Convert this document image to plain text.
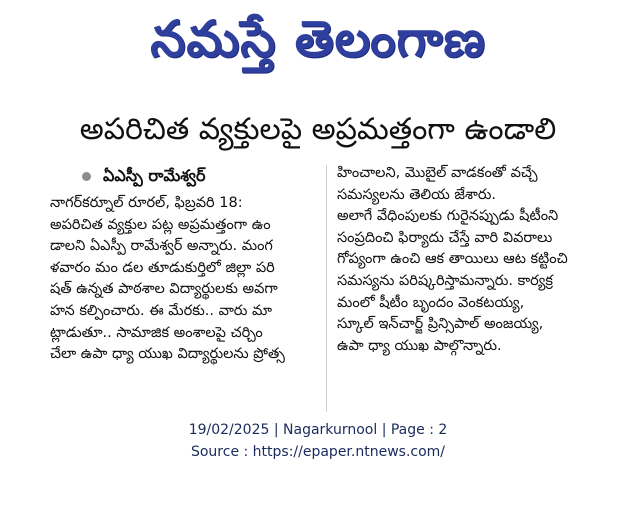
నమస్తే తెలంగాణ
అపరిచిత వ్యక్తులపై అప్రమత్తంగా ఉండాలి
ఏఎస్పీ రామేశ్వర్
నాగర్‌కర్నూల్ రూరల్, ఫిబ్రవరి 18:
అపరిచిత వ్యక్తుల పట్ల అప్రమత్తంగా ఉం
డాలని ఏఎస్పీ రామేశ్వర్ అన్నారు. మంగ
ళవారం మం డల తూడుకుర్తిలో జిల్లా పరి
షత్ ఉన్నత పాఠశాల విద్యార్థులకు అవగా
హన కల్పించారు. ఈ మేరకు.. వారు మా
ట్లాడుతూ.. సామాజిక అంశాలపై చర్చిం
చేలా ఉపా ధ్యా యుఖ విద్యార్థులను ప్రోత్స
హించాలని, మొబైల్ వాడకంతో వచ్చే
సమస్యలను తెలియ జేశారు.
అలాగే వేధింపులకు గురైనప్పుడు షీటీంని
సంప్రదించి ఫిర్యాదు చేస్తే వారి వివరాలు
గోప్యంగా ఉంచి ఆక తాయిలు ఆట కట్టించి
సమస్యను పరిష్కరిస్తామన్నారు. కార్యక్ర
మంలో షీటీం బృందం వెంకటయ్య,
స్కూల్ ఇన్‌చార్జ్ ప్రిన్సిపాల్ అంజయ్య,
ఉపా ధ్యా యుఖ పాల్గొన్నారు.
19/02/2025 | Nagarkurnool | Page : 2
Source : https://epaper.ntnews.com/
